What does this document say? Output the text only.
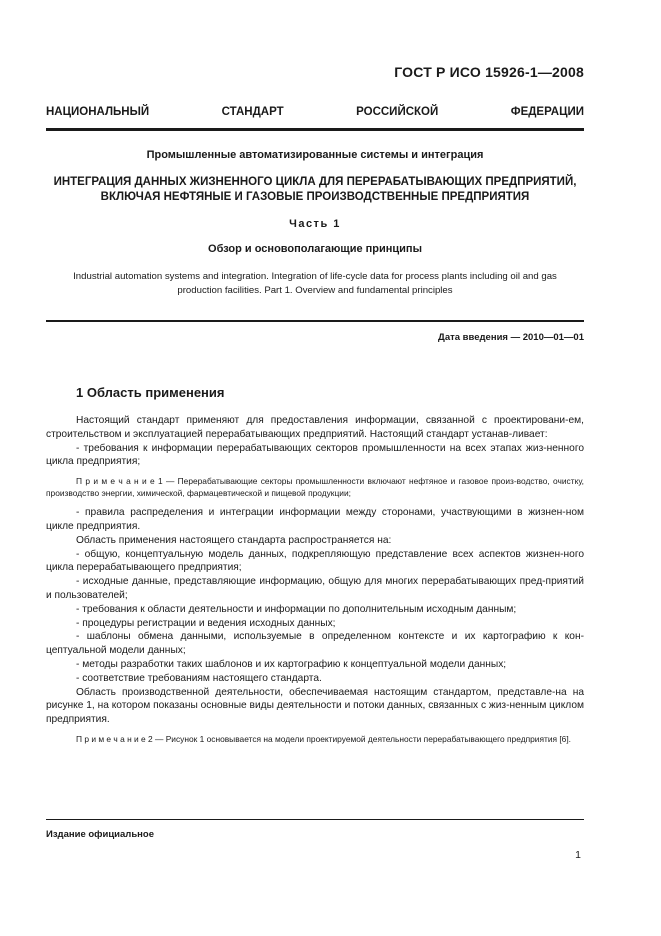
ГОСТ Р ИСО 15926-1—2008
НАЦИОНАЛЬНЫЙ СТАНДАРТ РОССИЙСКОЙ ФЕДЕРАЦИИ
Промышленные автоматизированные системы и интеграция
ИНТЕГРАЦИЯ ДАННЫХ ЖИЗНЕННОГО ЦИКЛА ДЛЯ ПЕРЕРАБАТЫВАЮЩИХ ПРЕДПРИЯТИЙ,
ВКЛЮЧАЯ НЕФТЯНЫЕ И ГАЗОВЫЕ ПРОИЗВОДСТВЕННЫЕ ПРЕДПРИЯТИЯ
Часть 1
Обзор и основополагающие принципы
Industrial automation systems and integration. Integration of life-cycle data for process plants including oil and gas
production facilities. Part 1. Overview and fundamental principles
Дата введения — 2010—01—01
1 Область применения

Настоящий стандарт применяют для предоставления информации, связанной с проектировани-ем, строительством и эксплуатацией перерабатывающих предприятий. Настоящий стандарт устанав-ливает:

- требования к информации перерабатывающих секторов промышленности на всех этапах жиз-ненного цикла предприятия;

П р и м е ч а н и е 1 — Перерабатывающие секторы промышленности включают нефтяное и газовое произ-водство, очистку, производство энергии, химической, фармацевтической и пищевой продукции;

- правила распределения и интеграции информации между сторонами, участвующими в жизнен-ном цикле предприятия.

Область применения настоящего стандарта распространяется на:

- общую, концептуальную модель данных, подкрепляющую представление всех аспектов жизнен-ного цикла перерабатывающего предприятия;

- исходные данные, представляющие информацию, общую для многих перерабатывающих пред-приятий и пользователей;

- требования к области деятельности и информации по дополнительным исходным данным;

- процедуры регистрации и ведения исходных данных;

- шаблоны обмена данными, используемые в определенном контексте и их картографию к кон-цептуальной модели данных;

- методы разработки таких шаблонов и их картографию к концептуальной модели данных;

- соответствие требованиям настоящего стандарта.

Область производственной деятельности, обеспечиваемая настоящим стандартом, представле-на на рисунке 1, на котором показаны основные виды деятельности и потоки данных, связанных с жиз-ненным циклом предприятия.

П р и м е ч а н и е 2 — Рисунок 1 основывается на модели проектируемой деятельности перерабатывающего предприятия [6].

Издание официальное
1
